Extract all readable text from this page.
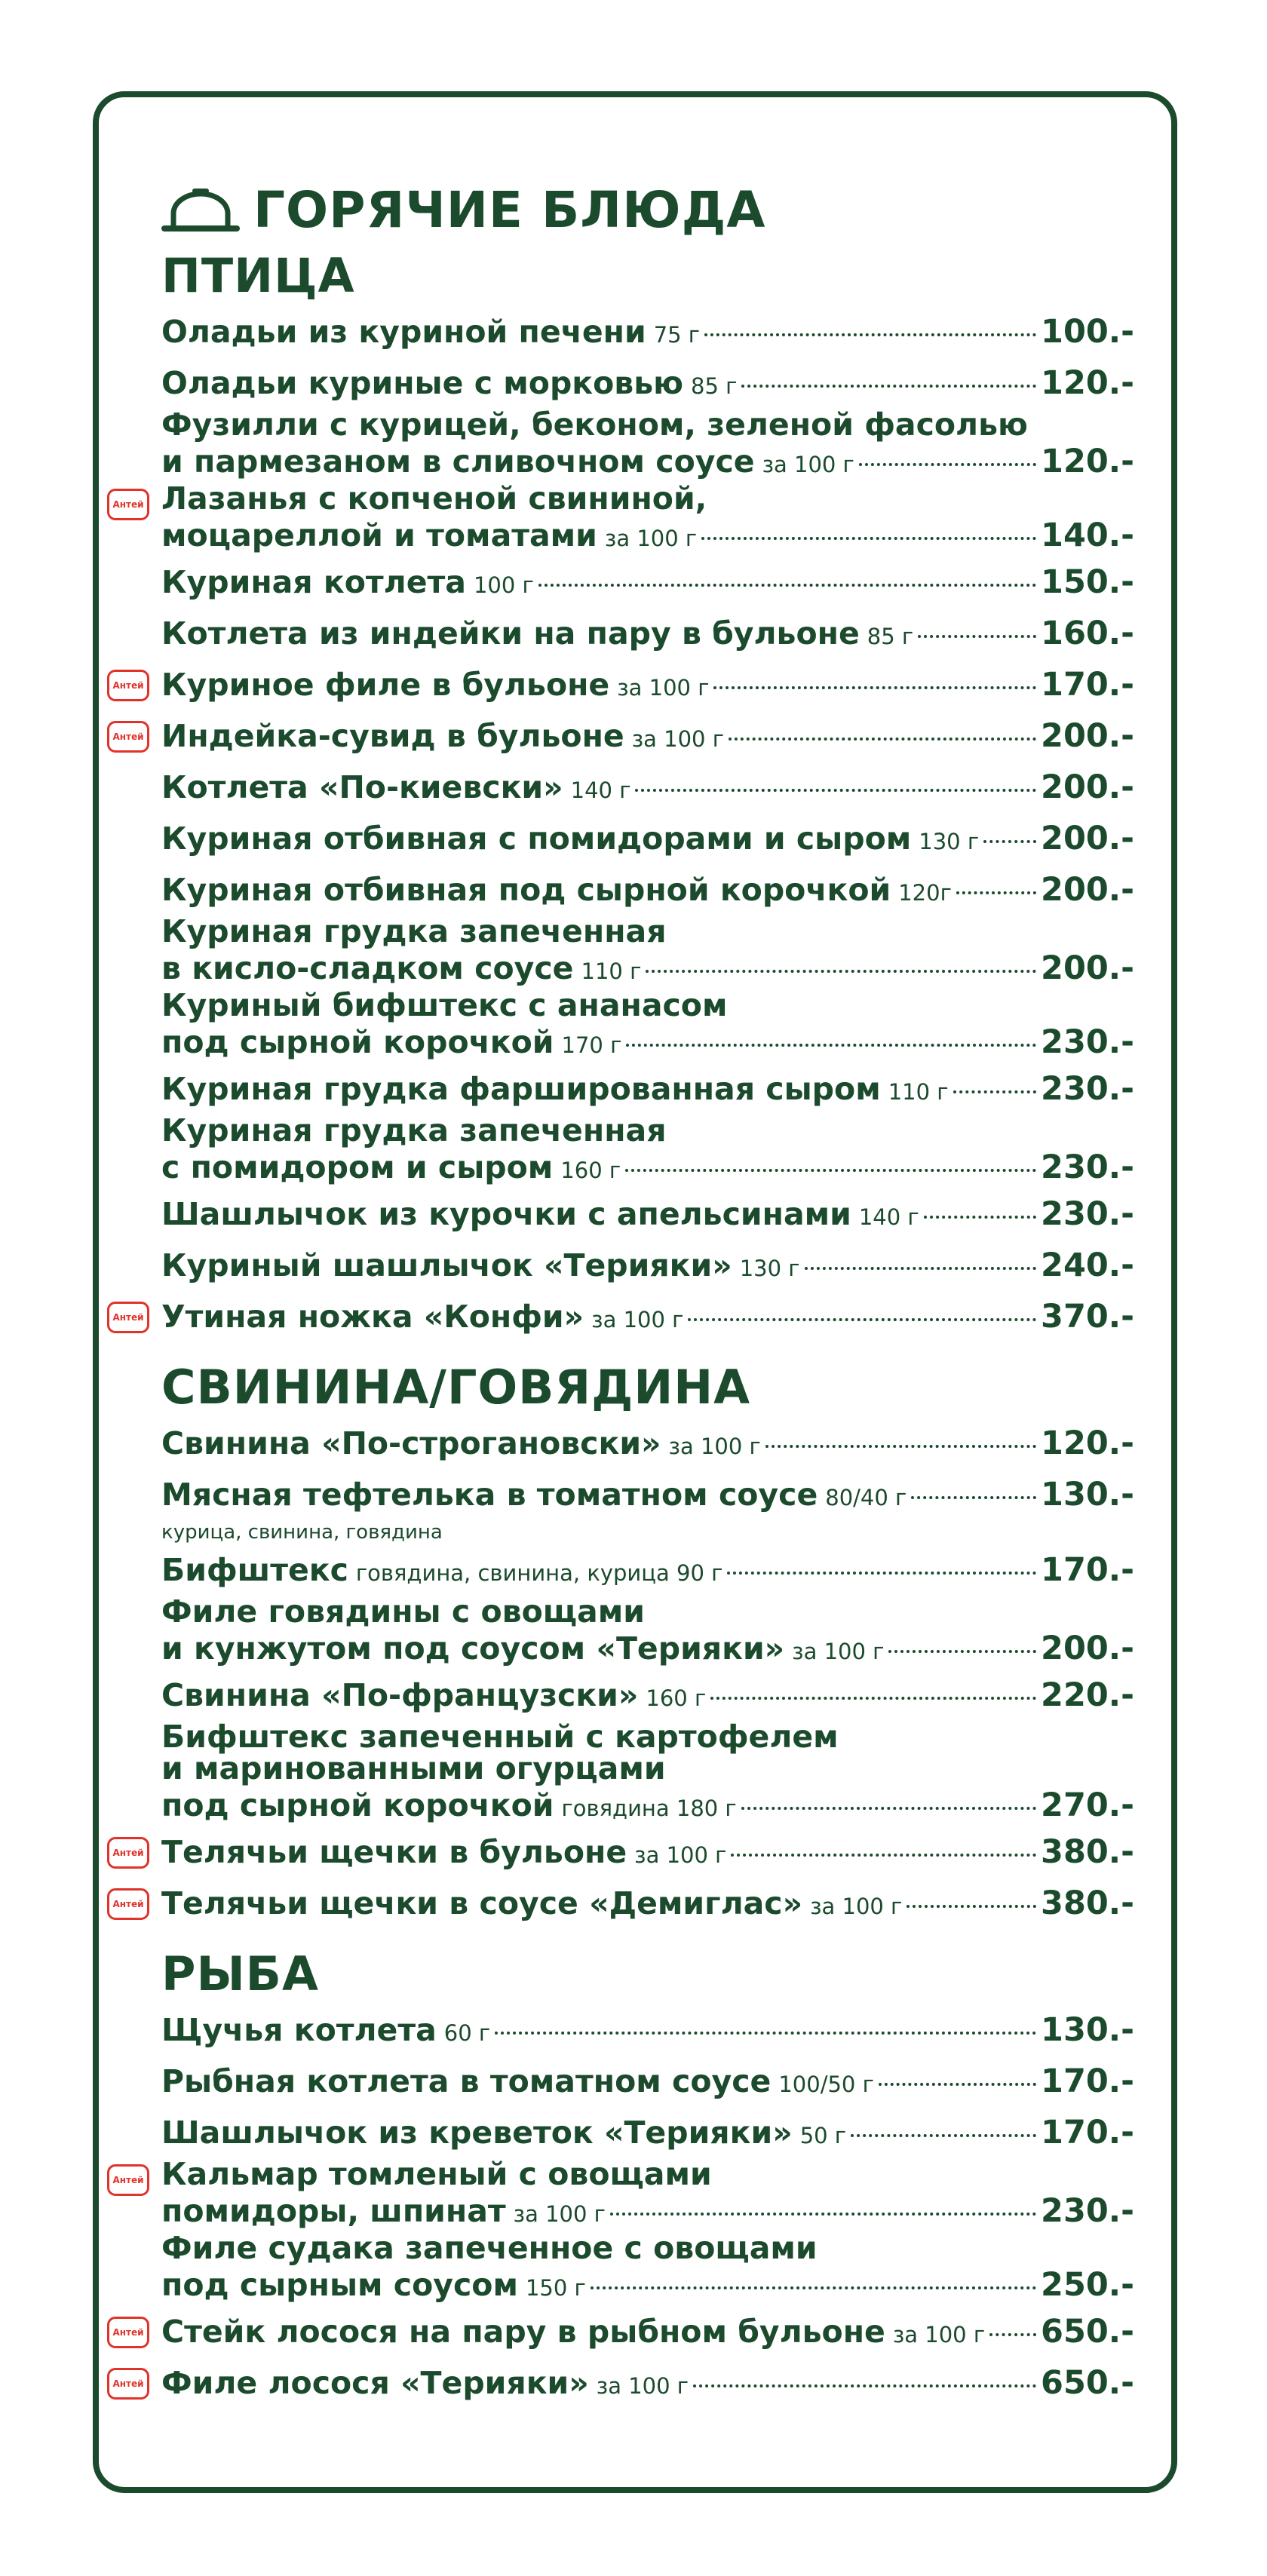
ГОРЯЧИЕ БЛЮДА
ПТИЦА
Оладьи из куриной печени 75 г	100.-
Оладьи куриные с морковью 85 г	120.-
Фузилли с курицей, беконом, зеленой фасолью
и пармезаном в сливочном соусе за 100 г	120.-
Антей Лазанья с копченой свининой,
моцареллой и томатами за 100 г	140.-
Куриная котлета 100 г	150.-
Котлета из индейки на пару в бульоне 85 г	160.-
Антей Куриное филе в бульоне за 100 г	170.-
Антей Индейка-сувид в бульоне за 100 г	200.-
Котлета «По-киевски» 140 г	200.-
Куриная отбивная с помидорами и сыром 130 г 200.-
Куриная отбивная под сырной корочкой 120г	200.-
Куриная грудка запеченная
в кисло-сладком соусе 110 г	200.-
Куриный бифштекс с ананасом
под сырной корочкой 170 г	230.-
Куриная грудка фаршированная сыром 110 г	230.-
Куриная грудка запеченная
с помидором и сыром 160 г	230.-
Шашлычок из курочки с апельсинами 140 г	230.-
Куриный шашлычок «Терияки» 130 г	240.-
Антей Утиная ножка «Конфи» за 100 г	370.-
СВИНИНА/ГОВЯДИНА
Свинина «По-строгановски» за 100 г	120.-
Мясная тефтелька в томатном соусе 80/40 г	130.-
курица, свинина, говядина
Бифштекс говядина, свинина, курица 90 г	170.-
Филе говядины с овощами
и кунжутом под соусом «Терияки» за 100 г	200.-
Свинина «По-французски» 160 г	220.-
Бифштекс запеченный с картофелем
и маринованными огурцами
под сырной корочкой говядина 180 г	270.-
Антей Телячьи щечки в бульоне за 100 г	380.-
Антей Телячьи щечки в соусе «Демиглас» за 100 г	380.-
РЫБА
Щучья котлета 60 г	130.-
Рыбная котлета в томатном соусе 100/50 г	170.-
Шашлычок из креветок «Терияки» 50 г	170.-
Антей Кальмар томленый с овощами
помидоры, шпинат за 100 г	230.-
Филе судака запеченное с овощами
под сырным соусом 150 г	250.-
Антей Стейк лосося на пару в рыбном бульоне за 100 г 650.-
Антей Филе лосося «Терияки» за 100 г	650.-
